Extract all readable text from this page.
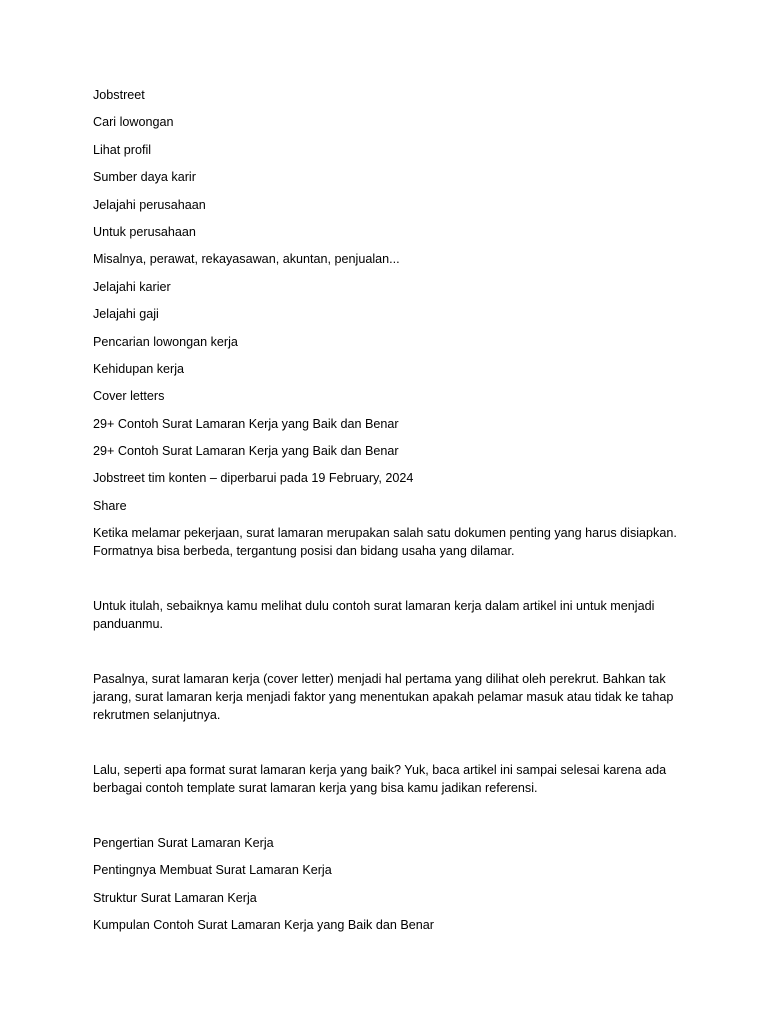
Jobstreet
Cari lowongan
Lihat profil
Sumber daya karir
Jelajahi perusahaan
Untuk perusahaan
Misalnya, perawat, rekayasawan, akuntan, penjualan...
Jelajahi karier
Jelajahi gaji
Pencarian lowongan kerja
Kehidupan kerja
Cover letters
29+ Contoh Surat Lamaran Kerja yang Baik dan Benar
29+ Contoh Surat Lamaran Kerja yang Baik dan Benar
Jobstreet tim konten – diperbarui pada 19 February, 2024
Share

Ketika melamar pekerjaan, surat lamaran merupakan salah satu dokumen penting yang harus disiapkan. Formatnya bisa berbeda, tergantung posisi dan bidang usaha yang dilamar.

Untuk itulah, sebaiknya kamu melihat dulu contoh surat lamaran kerja dalam artikel ini untuk menjadi panduanmu.

Pasalnya, surat lamaran kerja (cover letter) menjadi hal pertama yang dilihat oleh perekrut. Bahkan tak jarang, surat lamaran kerja menjadi faktor yang menentukan apakah pelamar masuk atau tidak ke tahap rekrutmen selanjutnya.

Lalu, seperti apa format surat lamaran kerja yang baik? Yuk, baca artikel ini sampai selesai karena ada berbagai contoh template surat lamaran kerja yang bisa kamu jadikan referensi.

Pengertian Surat Lamaran Kerja
Pentingnya Membuat Surat Lamaran Kerja
Struktur Surat Lamaran Kerja
Kumpulan Contoh Surat Lamaran Kerja yang Baik dan Benar
